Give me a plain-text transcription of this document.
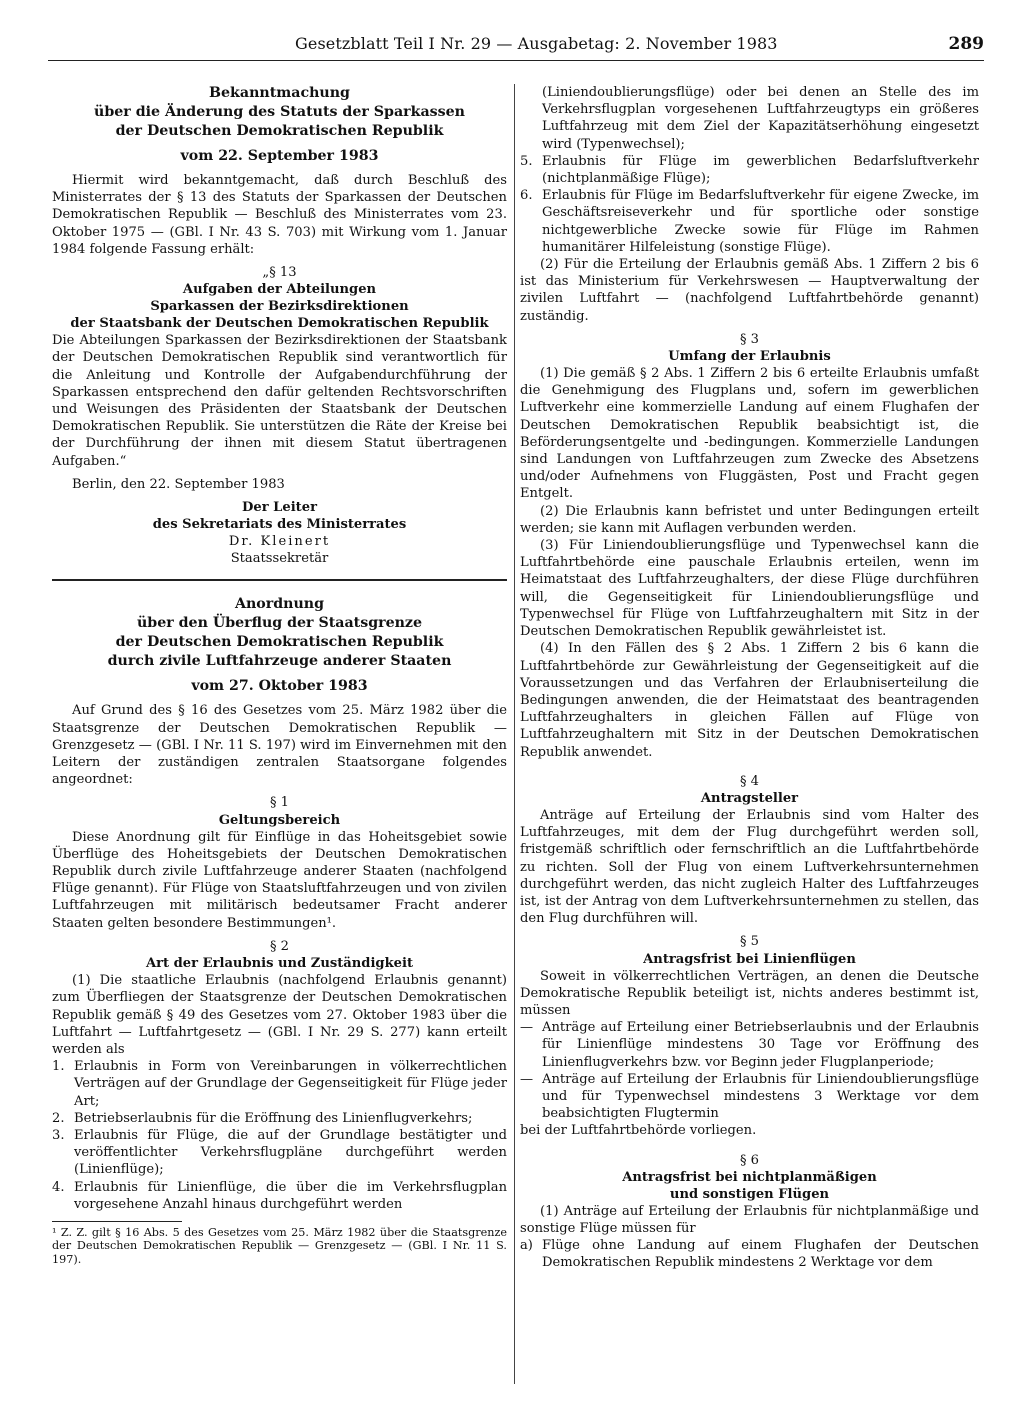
Gesetzblatt Teil I Nr. 29 — Ausgabetag: 2. November 1983	289

Bekanntmachung

über die Änderung des Statuts der Sparkassen

der Deutschen Demokratischen Republik

vom 22. September 1983

Hiermit wird bekanntgemacht, daß durch Beschluß des Ministerrates der § 13 des Statuts der Sparkassen der Deutschen Demokratischen Republik — Beschluß des Ministerrates vom 23. Oktober 1975 — (GBl. I Nr. 43 S. 703) mit Wirkung vom 1. Januar 1984 folgende Fassung erhält:

„§ 13

Aufgaben der Abteilungen

Sparkassen der Bezirksdirektionen

der Staatsbank der Deutschen Demokratischen Republik

Die Abteilungen Sparkassen der Bezirksdirektionen der Staatsbank der Deutschen Demokratischen Republik sind verantwortlich für die Anleitung und Kontrolle der Aufgabendurchführung der Sparkassen entsprechend den dafür geltenden Rechtsvorschriften und Weisungen des Präsidenten der Staatsbank der Deutschen Demokratischen Republik. Sie unterstützen die Räte der Kreise bei der Durchführung der ihnen mit diesem Statut übertragenen Aufgaben.“

Berlin, den 22. September 1983

Der Leiter

des Sekretariats des Ministerrates

Dr. Kleinert

Staatssekretär

Anordnung

über den Überflug der Staatsgrenze

der Deutschen Demokratischen Republik

durch zivile Luftfahrzeuge anderer Staaten

vom 27. Oktober 1983

Auf Grund des § 16 des Gesetzes vom 25. März 1982 über die Staatsgrenze der Deutschen Demokratischen Republik — Grenzgesetz — (GBl. I Nr. 11 S. 197) wird im Einvernehmen mit den Leitern der zuständigen zentralen Staatsorgane folgendes angeordnet:

§ 1

Geltungsbereich

Diese Anordnung gilt für Einflüge in das Hoheitsgebiet sowie Überflüge des Hoheitsgebiets der Deutschen Demokratischen Republik durch zivile Luftfahrzeuge anderer Staaten (nachfolgend Flüge genannt). Für Flüge von Staatsluftfahrzeugen und von zivilen Luftfahrzeugen mit militärisch bedeutsamer Fracht anderer Staaten gelten besondere Bestimmungen¹.

§ 2

Art der Erlaubnis und Zuständigkeit

(1) Die staatliche Erlaubnis (nachfolgend Erlaubnis genannt) zum Überfliegen der Staatsgrenze der Deutschen Demokratischen Republik gemäß § 49 des Gesetzes vom 27. Oktober 1983 über die Luftfahrt — Luftfahrtgesetz — (GBl. I Nr. 29 S. 277) kann erteilt werden als

1. Erlaubnis in Form von Vereinbarungen in völkerrechtlichen Verträgen auf der Grundlage der Gegenseitigkeit für Flüge jeder Art;
2. Betriebserlaubnis für die Eröffnung des Linienflugverkehrs;
3. Erlaubnis für Flüge, die auf der Grundlage bestätigter und veröffentlichter Verkehrsflugpläne durchgeführt werden (Linienflüge);
4. Erlaubnis für Linienflüge, die über die im Verkehrsflugplan vorgesehene Anzahl hinaus durchgeführt werden

¹ Z. Z. gilt § 16 Abs. 5 des Gesetzes vom 25. März 1982 über die Staatsgrenze der Deutschen Demokratischen Republik — Grenzgesetz — (GBl. I Nr. 11 S. 197).

(Liniendoublierungsflüge) oder bei denen an Stelle des im Verkehrsflugplan vorgesehenen Luftfahrzeugtyps ein größeres Luftfahrzeug mit dem Ziel der Kapazitätserhöhung eingesetzt wird (Typenwechsel);

5. Erlaubnis für Flüge im gewerblichen Bedarfsluftverkehr (nichtplanmäßige Flüge);
6. Erlaubnis für Flüge im Bedarfsluftverkehr für eigene Zwecke, im Geschäftsreiseverkehr und für sportliche oder sonstige nichtgewerbliche Zwecke sowie für Flüge im Rahmen humanitärer Hilfeleistung (sonstige Flüge).

(2) Für die Erteilung der Erlaubnis gemäß Abs. 1 Ziffern 2 bis 6 ist das Ministerium für Verkehrswesen — Hauptverwaltung der zivilen Luftfahrt — (nachfolgend Luftfahrtbehörde genannt) zuständig.

§ 3

Umfang der Erlaubnis

(1) Die gemäß § 2 Abs. 1 Ziffern 2 bis 6 erteilte Erlaubnis umfaßt die Genehmigung des Flugplans und, sofern im gewerblichen Luftverkehr eine kommerzielle Landung auf einem Flughafen der Deutschen Demokratischen Republik beabsichtigt ist, die Beförderungsentgelte und -bedingungen. Kommerzielle Landungen sind Landungen von Luftfahrzeugen zum Zwecke des Absetzens und/oder Aufnehmens von Fluggästen, Post und Fracht gegen Entgelt.

(2) Die Erlaubnis kann befristet und unter Bedingungen erteilt werden; sie kann mit Auflagen verbunden werden.

(3) Für Liniendoublierungsflüge und Typenwechsel kann die Luftfahrtbehörde eine pauschale Erlaubnis erteilen, wenn im Heimatstaat des Luftfahrzeughalters, der diese Flüge durchführen will, die Gegenseitigkeit für Liniendoublierungsflüge und Typenwechsel für Flüge von Luftfahrzeughaltern mit Sitz in der Deutschen Demokratischen Republik gewährleistet ist.

(4) In den Fällen des § 2 Abs. 1 Ziffern 2 bis 6 kann die Luftfahrtbehörde zur Gewährleistung der Gegenseitigkeit auf die Voraussetzungen und das Verfahren der Erlaubniserteilung die Bedingungen anwenden, die der Heimatstaat des beantragenden Luftfahrzeughalters in gleichen Fällen auf Flüge von Luftfahrzeughaltern mit Sitz in der Deutschen Demokratischen Republik anwendet.

§ 4

Antragsteller

Anträge auf Erteilung der Erlaubnis sind vom Halter des Luftfahrzeuges, mit dem der Flug durchgeführt werden soll, fristgemäß schriftlich oder fernschriftlich an die Luftfahrtbehörde zu richten. Soll der Flug von einem Luftverkehrsunternehmen durchgeführt werden, das nicht zugleich Halter des Luftfahrzeuges ist, ist der Antrag von dem Luftverkehrsunternehmen zu stellen, das den Flug durchführen will.

§ 5

Antragsfrist bei Linienflügen

Soweit in völkerrechtlichen Verträgen, an denen die Deutsche Demokratische Republik beteiligt ist, nichts anderes bestimmt ist, müssen

— Anträge auf Erteilung einer Betriebserlaubnis und der Erlaubnis für Linienflüge mindestens 30 Tage vor Eröffnung des Linienflugverkehrs bzw. vor Beginn jeder Flugplanperiode;
— Anträge auf Erteilung der Erlaubnis für Liniendoublierungsflüge und für Typenwechsel mindestens 3 Werktage vor dem beabsichtigten Flugtermin

bei der Luftfahrtbehörde vorliegen.

§ 6

Antragsfrist bei nichtplanmäßigen

und sonstigen Flügen

(1) Anträge auf Erteilung der Erlaubnis für nichtplanmäßige und sonstige Flüge müssen für

a) Flüge ohne Landung auf einem Flughafen der Deutschen Demokratischen Republik mindestens 2 Werktage vor dem
